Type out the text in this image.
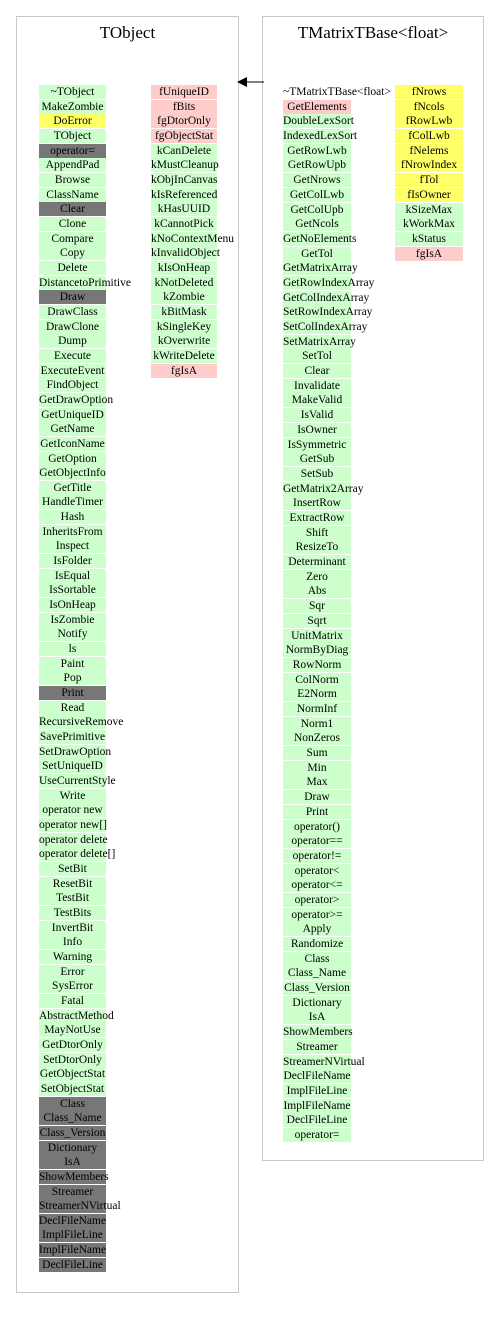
TObject
~TObject
MakeZombie
DoError
TObject
operator=
AppendPad
Browse
ClassName
Clear
Clone
Compare
Copy
Delete
DistancetoPrimitive
Draw
DrawClass
DrawClone
Dump
Execute
ExecuteEvent
FindObject
GetDrawOption
GetUniqueID
GetName
GetIconName
GetOption
GetObjectInfo
GetTitle
HandleTimer
Hash
InheritsFrom
Inspect
IsFolder
IsEqual
IsSortable
IsOnHeap
IsZombie
Notify
ls
Paint
Pop
Print
Read
RecursiveRemove
SavePrimitive
SetDrawOption
SetUniqueID
UseCurrentStyle
Write
operator new
operator new[]
operator delete
operator delete[]
SetBit
ResetBit
TestBit
TestBits
InvertBit
Info
Warning
Error
SysError
Fatal
AbstractMethod
MayNotUse
GetDtorOnly
SetDtorOnly
GetObjectStat
SetObjectStat
Class
Class_Name
Class_Version
Dictionary
IsA
ShowMembers
Streamer
StreamerNVirtual
DeclFileName
ImplFileLine
ImplFileName
DeclFileLine
fUniqueID
fBits
fgDtorOnly
fgObjectStat
kCanDelete
kMustCleanup
kObjInCanvas
kIsReferenced
kHasUUID
kCannotPick
kNoContextMenu
kInvalidObject
kIsOnHeap
kNotDeleted
kZombie
kBitMask
kSingleKey
kOverwrite
kWriteDelete
fgIsA
TMatrixTBase<float>
~TMatrixTBase<float>
GetElements
DoubleLexSort
IndexedLexSort
GetRowLwb
GetRowUpb
GetNrows
GetColLwb
GetColUpb
GetNcols
GetNoElements
GetTol
GetMatrixArray
GetRowIndexArray
GetColIndexArray
SetRowIndexArray
SetColIndexArray
SetMatrixArray
SetTol
Clear
Invalidate
MakeValid
IsValid
IsOwner
IsSymmetric
GetSub
SetSub
GetMatrix2Array
InsertRow
ExtractRow
Shift
ResizeTo
Determinant
Zero
Abs
Sqr
Sqrt
UnitMatrix
NormByDiag
RowNorm
ColNorm
E2Norm
NormInf
Norm1
NonZeros
Sum
Min
Max
Draw
Print
operator()
operator==
operator!=
operator<
operator<=
operator>
operator>=
Apply
Randomize
Class
Class_Name
Class_Version
Dictionary
IsA
ShowMembers
Streamer
StreamerNVirtual
DeclFileName
ImplFileLine
ImplFileName
DeclFileLine
operator=
fNrows
fNcols
fRowLwb
fColLwb
fNelems
fNrowIndex
fTol
fIsOwner
kSizeMax
kWorkMax
kStatus
fgIsA
